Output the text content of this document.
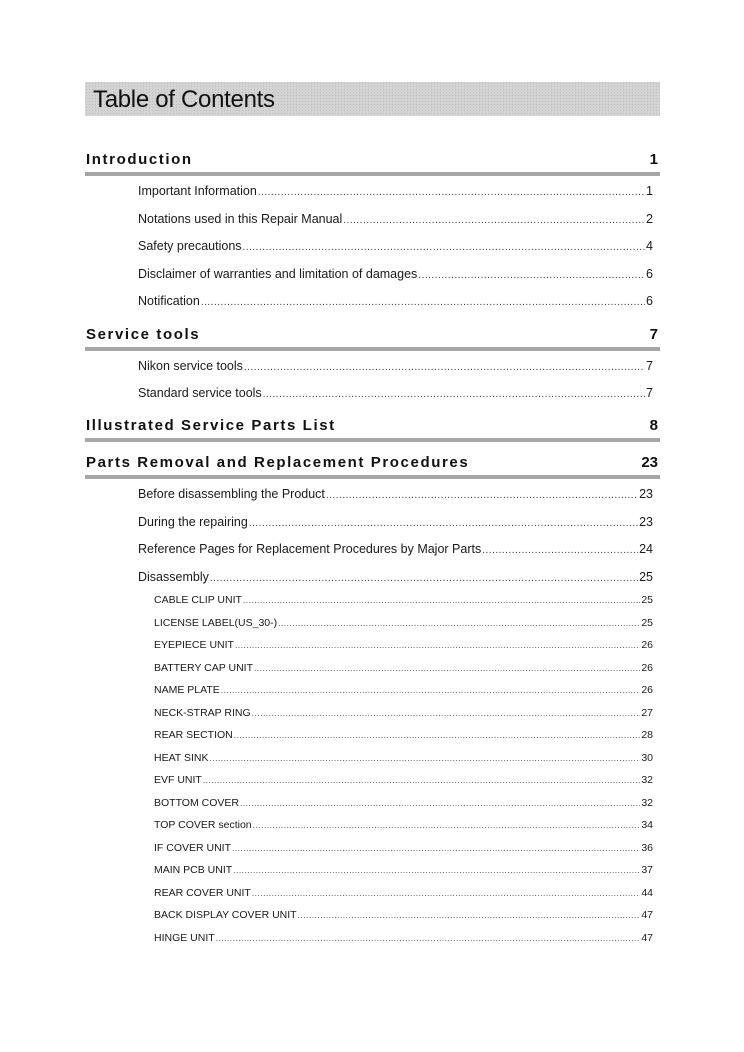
Table of Contents
Introduction	1
Important Information .....	1
Notations used in this Repair Manual .....	2
Safety precautions .....	4
Disclaimer of warranties and limitation of damages .....	6
Notification .....	6
Service tools	7
Nikon service tools .....	7
Standard service tools .....	7
Illustrated Service Parts List	8
Parts Removal and Replacement Procedures	23
Before disassembling the Product .....	23
During the repairing .....	23
Reference Pages for Replacement Procedures by Major Parts .....	24
Disassembly .....	25
CABLE CLIP UNIT .....	25
LICENSE LABEL(US_30-) .....	25
EYEPIECE UNIT .....	26
BATTERY CAP UNIT .....	26
NAME PLATE .....	26
NECK-STRAP RING .....	27
REAR SECTION .....	28
HEAT SINK .....	30
EVF UNIT .....	32
BOTTOM COVER .....	32
TOP COVER section .....	34
IF COVER UNIT .....	36
MAIN PCB UNIT .....	37
REAR COVER UNIT .....	44
BACK DISPLAY COVER UNIT .....	47
HINGE UNIT .....	47
